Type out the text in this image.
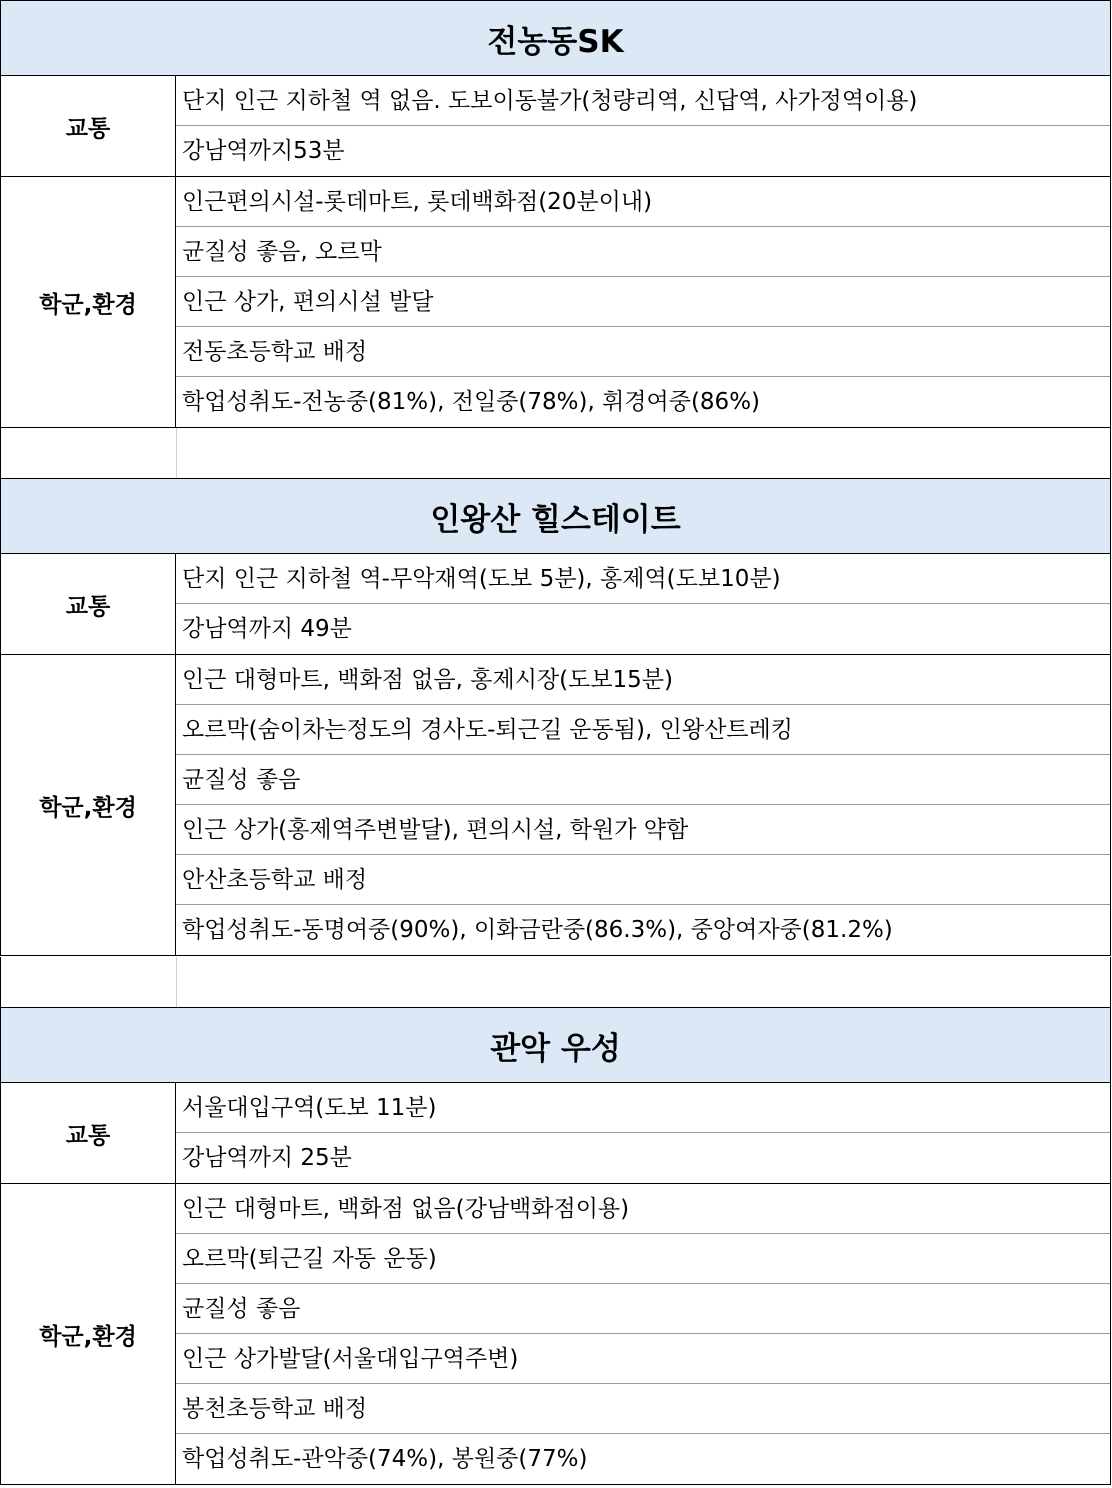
전농동SK
교통
단지 인근 지하철 역 없음. 도보이동불가(청량리역, 신답역, 사가정역이용)
강남역까지53분
학군,환경
인근편의시설-롯데마트, 롯데백화점(20분이내)
균질성 좋음, 오르막
인근 상가, 편의시설 발달
전동초등학교 배정
학업성취도-전농중(81%), 전일중(78%), 휘경여중(86%)
인왕산 힐스테이트
교통
단지 인근 지하철 역-무악재역(도보 5분), 홍제역(도보10분)
강남역까지 49분
학군,환경
인근 대형마트, 백화점 없음, 홍제시장(도보15분)
오르막(숨이차는정도의 경사도-퇴근길 운동됨), 인왕산트레킹
균질성 좋음
인근 상가(홍제역주변발달), 편의시설, 학원가 약함
안산초등학교 배정
학업성취도-동명여중(90%), 이화금란중(86.3%), 중앙여자중(81.2%)
관악 우성
교통
서울대입구역(도보 11분)
강남역까지 25분
학군,환경
인근 대형마트, 백화점 없음(강남백화점이용)
오르막(퇴근길 자동 운동)
균질성 좋음
인근 상가발달(서울대입구역주변)
봉천초등학교 배정
학업성취도-관악중(74%), 봉원중(77%)
